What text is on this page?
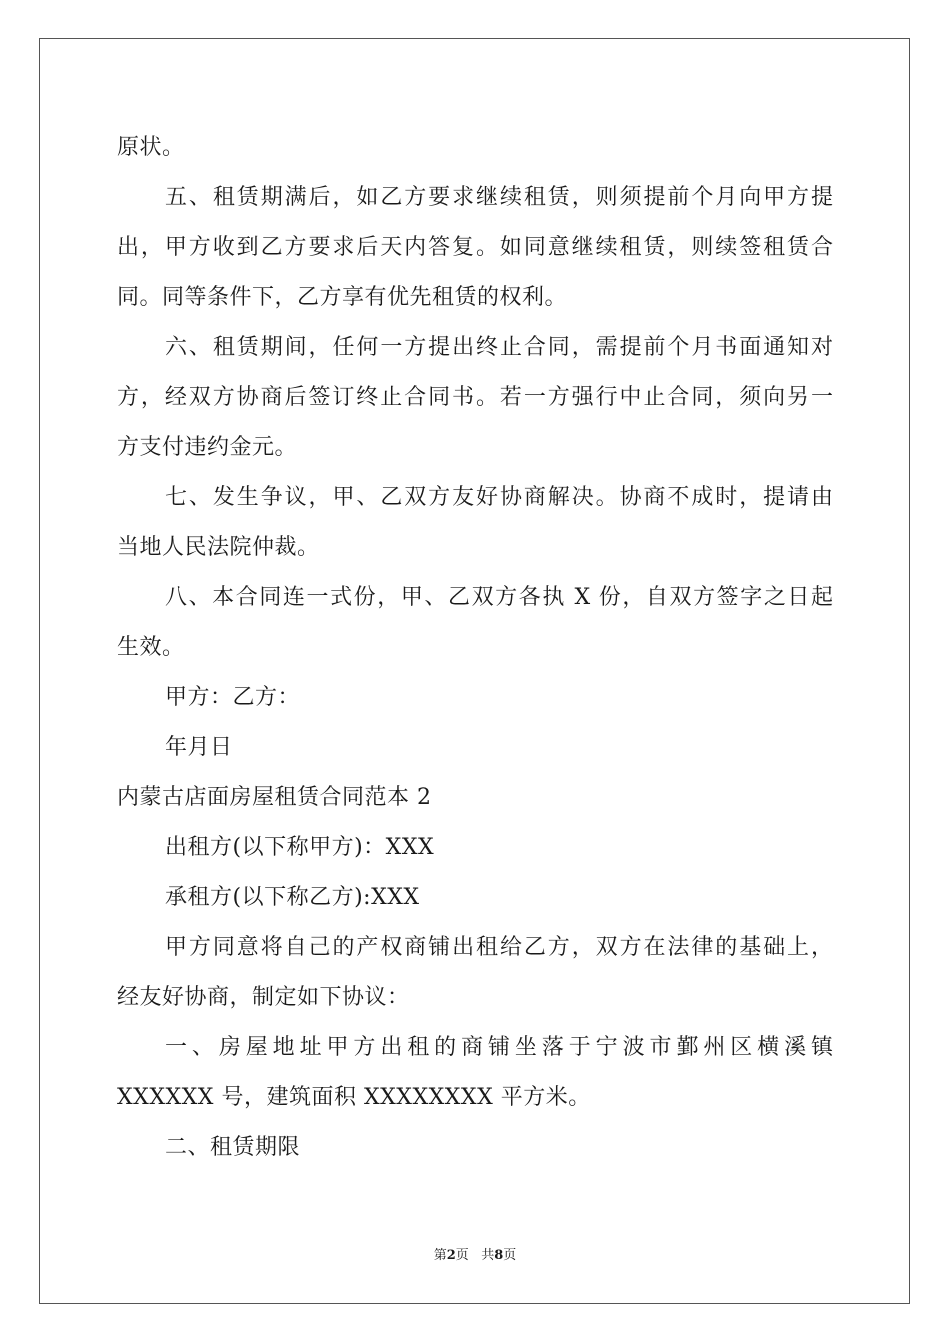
原状。
五、租赁期满后，如乙方要求继续租赁，则须提前个月向甲方提
出，甲方收到乙方要求后天内答复。如同意继续租赁，则续签租赁合
同。同等条件下，乙方享有优先租赁的权利。
六、租赁期间，任何一方提出终止合同，需提前个月书面通知对
方，经双方协商后签订终止合同书。若一方强行中止合同，须向另一
方支付违约金元。
七、发生争议，甲、乙双方友好协商解决。协商不成时，提请由
当地人民法院仲裁。
八、本合同连一式份，甲、乙双方各执 X 份，自双方签字之日起
生效。
甲方：乙方：
年月日
内蒙古店面房屋租赁合同范本 2
出租方(以下称甲方)：XXX
承租方(以下称乙方):XXX
甲方同意将自己的产权商铺出租给乙方，双方在法律的基础上，
经友好协商，制定如下协议：
一、房屋地址甲方出租的商铺坐落于宁波市鄞州区横溪镇
XXXXXX 号，建筑面积 XXXXXXXX 平方米。
二、租赁期限
第2页 共8页
